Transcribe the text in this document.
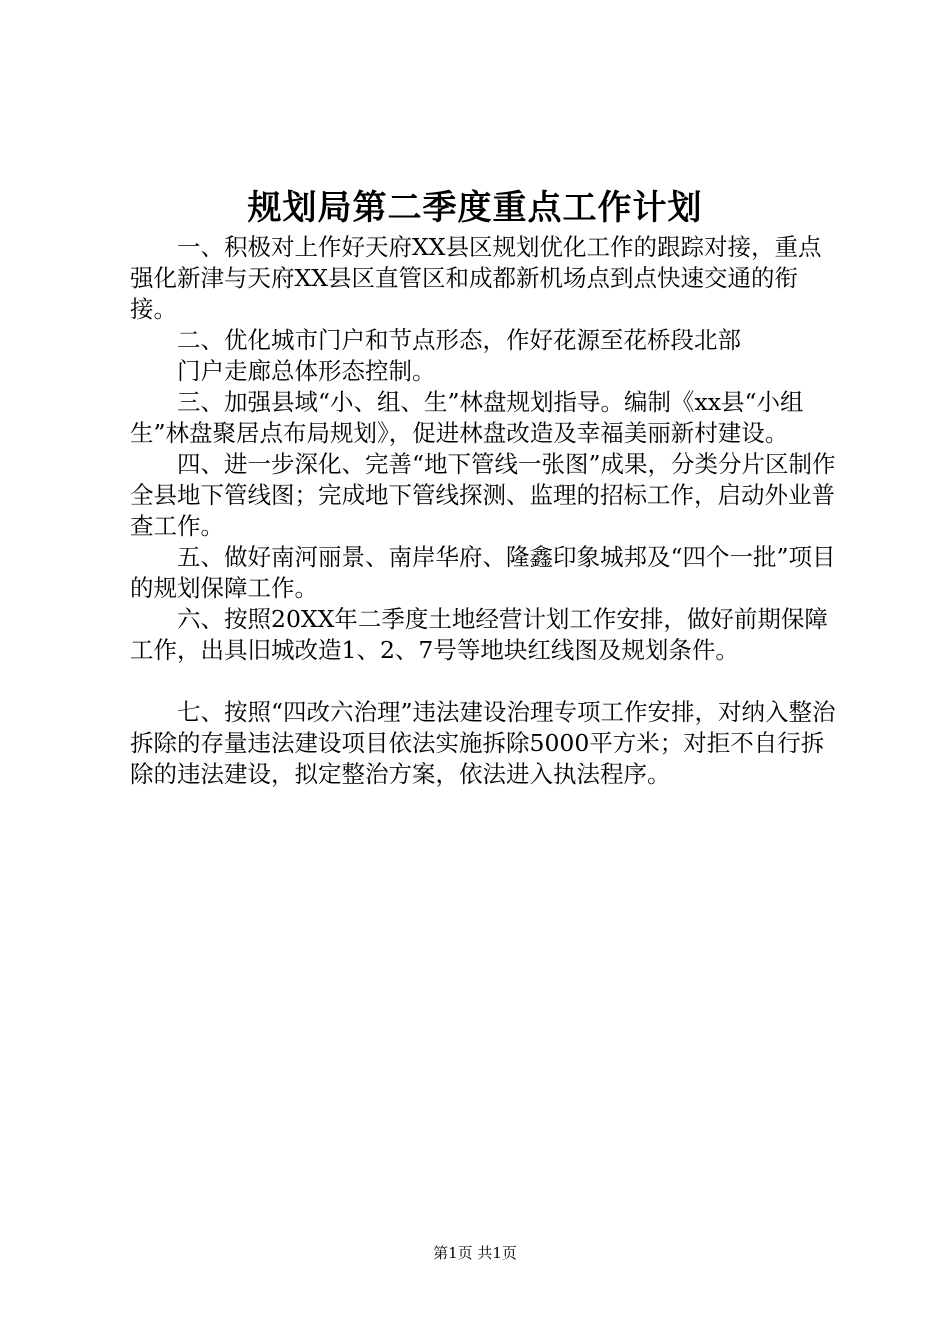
规划局第二季度重点工作计划

一、积极对上作好天府XX县区规划优化工作的跟踪对接，重点强化新津与天府XX县区直管区和成都新机场点到点快速交通的衔接。

二、优化城市门户和节点形态，作好花源至花桥段北部

门户走廊总体形态控制。

三、加强县域“小、组、生”林盘规划指导。编制《xx县“小组生”林盘聚居点布局规划》，促进林盘改造及幸福美丽新村建设。

四、进一步深化、完善“地下管线一张图”成果，分类分片区制作全县地下管线图；完成地下管线探测、监理的招标工作，启动外业普查工作。

五、做好南河丽景、南岸华府、隆鑫印象城邦及“四个一批”项目的规划保障工作。

六、按照20XX年二季度土地经营计划工作安排，做好前期保障工作，出具旧城改造1、2、7号等地块红线图及规划条件。

七、按照“四改六治理”违法建设治理专项工作安排，对纳入整治拆除的存量违法建设项目依法实施拆除5000平方米；对拒不自行拆除的违法建设，拟定整治方案，依法进入执法程序。

第1页 共1页
